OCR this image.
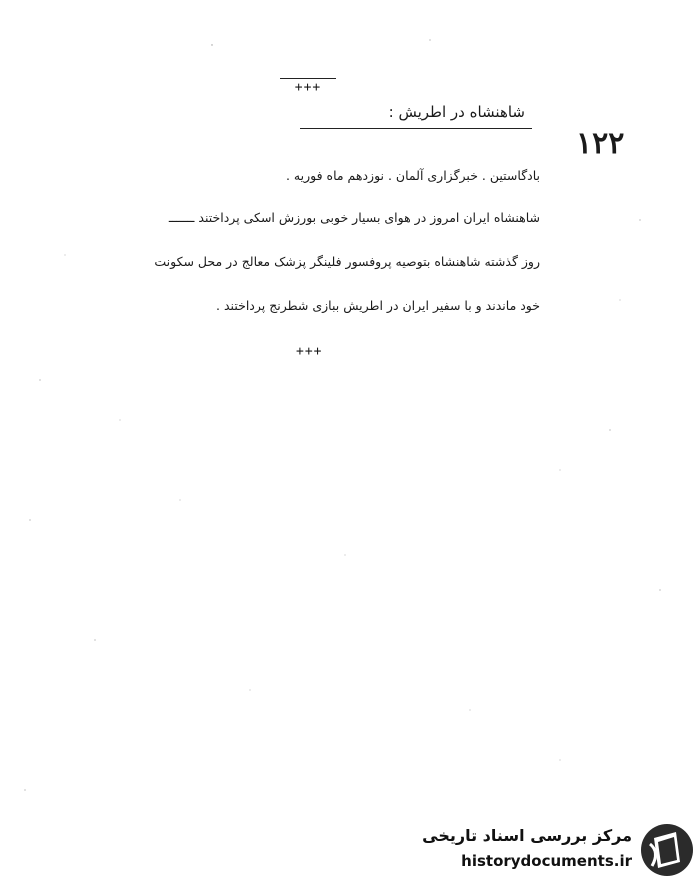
+++
شاهنشاه در اطریش :
۱۲۲

بادگاستین . خبرگزاری آلمان . نوزدهم ماه فوریه .

شاهنشاه ایران امروز در هوای بسیار خوبی بورزش اسکی پرداختند ـــــــ

روز گذشته شاهنشاه بتوصیه پروفسور فلینگر پزشک معالج در محل سکونت

خود ماندند و با سفیر ایران در اطریش ببازی شطرنج پرداختند .

+++
مرکز بررسی اسناد تاریخی
historydocuments.ir
